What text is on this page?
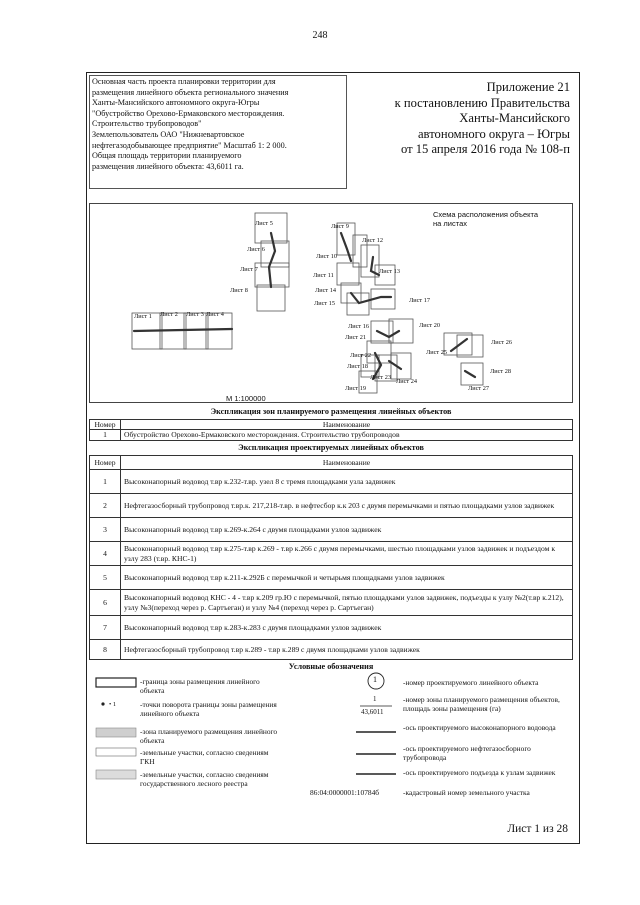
248
Основная часть проекта планировки территории для
размещения линейного объекта регионального значения
Ханты-Мансийского автономного округа-Югры
"Обустройство Орехово-Ермаковского месторождения.
Строительство трубопроводов"
Землепользователь ОАО "Нижневартовское
нефтегазодобывающее предприятие" Масштаб 1: 2 000.
Общая площадь территории планируемого
размещения линейного объекта: 43,6011 га.
Приложение 21
к постановлению Правительства
Ханты-Мансийского
автономного округа – Югры
от 15 апреля 2016 года № 108-п
Схема расположения объекта
на листах
М 1:100000
Лист 1 Лист 2 Лист 3 Лист 4
Лист 5
Лист 6
Лист 7
Лист 8
Лист 9
Лист 10
Лист 11
Лист 12
Лист 13
Лист 14
Лист 15
Лист 16
Лист 17
Лист 18
Лист 19
Лист 20
Лист 21
Лист 22
Лист 23
Лист 24
Лист 25
Лист 26
Лист 27
Лист 28
Экспликация зон планируемого размещения линейных объектов
Номер	Наименование
1	Обустройство Орехово-Ермаковского месторождения. Строительство трубопроводов
Экспликация проектируемых линейных объектов
Номер	Наименование
1	Высоконапорный водовод т.вр к.232-т.вр. узел 8 с тремя площадками узла задвижек
2	Нефтегазосборный трубопровод т.вр.к. 217,218-т.вр. в нефтесбор к.к 203 с двумя перемычками и пятью площадками узлов задвижек
3	Высоконапорный водовод т.вр к.269-к.264 с двумя площадками узлов задвижек
4	Высоконапорный водовод т.вр к.275-т.вр к.269 - т.вр к.266 с двумя перемычками, шестью площадками узлов задвижек и подъездом к узлу 283 (т.вр. КНС-1)
5	Высоконапорный водовод т.вр к.211-к.292Б с перемычкой и четырьмя площадками узлов задвижек
6	Высоконапорный водовод КНС - 4 - т.вр к.209 гр.Ю с перемычкой, пятью площадками узлов задвижек, подъезды к узлу №2(т.вр к.212), узлу №3(переход через р. Сартъеган) и узлу №4 (переход через р. Сартъеган)
7	Высоконапорный водовод т.вр к.283-к.283 с двумя площадками узлов задвижек
8	Нефтегазосборный трубопровод т.вр к.289 - т.вр к.289 с двумя площадками узлов задвижек
Условные обозначения
• 1
-граница зоны размещения линейного объекта
-точки поворота границы зоны размещения линейного объекта
-зона планируемого размещения линейного объекта
-земельные участки, согласно сведениям ГКН
-земельные участки, согласно сведениям государственного лесного реестра
1
1
43,6011
-номер проектируемого линейного объекта
-номер зоны планируемого размещения объектов, площадь зоны размещения (га)
-ось проектируемого высоконапорного водовода
-ось проектируемого нефтегазосборного трубопровода
-ось проектируемого подъезда к узлам задвижек
86:04:0000001:10784б	-кадастровый номер земельного участка
Лист 1 из 28
